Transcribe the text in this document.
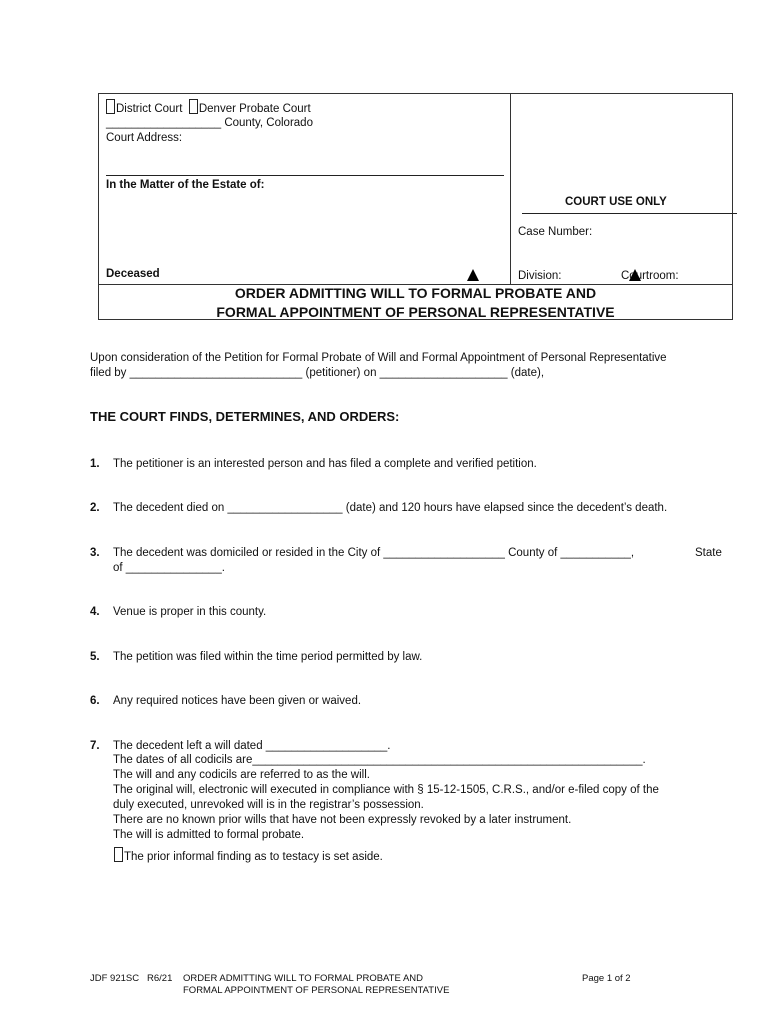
District Court Denver Probate Court
__________________ County, Colorado
Court Address:
In the Matter of the Estate of:
Deceased
COURT USE ONLY
Case Number:
Division:	Courtroom:
ORDER ADMITTING WILL TO FORMAL PROBATE AND
FORMAL APPOINTMENT OF PERSONAL REPRESENTATIVE
Upon consideration of the Petition for Formal Probate of Will and Formal Appointment of Personal Representative
filed by ___________________________ (petitioner) on ____________________ (date),
THE COURT FINDS, DETERMINES, AND ORDERS:
1. The petitioner is an interested person and has filed a complete and verified petition.
2. The decedent died on __________________ (date) and 120 hours have elapsed since the decedent’s death.
3. The decedent was domiciled or resided in the City of ___________________ County of ___________,	State
of _______________.
4. Venue is proper in this county.
5. The petition was filed within the time period permitted by law.
6. Any required notices have been given or waived.
7. The decedent left a will dated ___________________.
The dates of all codicils are_____________________________________________________________.
The will and any codicils are referred to as the will.
The original will, electronic will executed in compliance with § 15-12-1505, C.R.S., and/or e-filed copy of the
duly executed, unrevoked will is in the registrar’s possession.
There are no known prior wills that have not been expressly revoked by a later instrument.
The will is admitted to formal probate.
The prior informal finding as to testacy is set aside.
JDF 921SC   R6/21 ORDER ADMITTING WILL TO FORMAL PROBATE AND
FORMAL APPOINTMENT OF PERSONAL REPRESENTATIVE
Page 1 of 2
